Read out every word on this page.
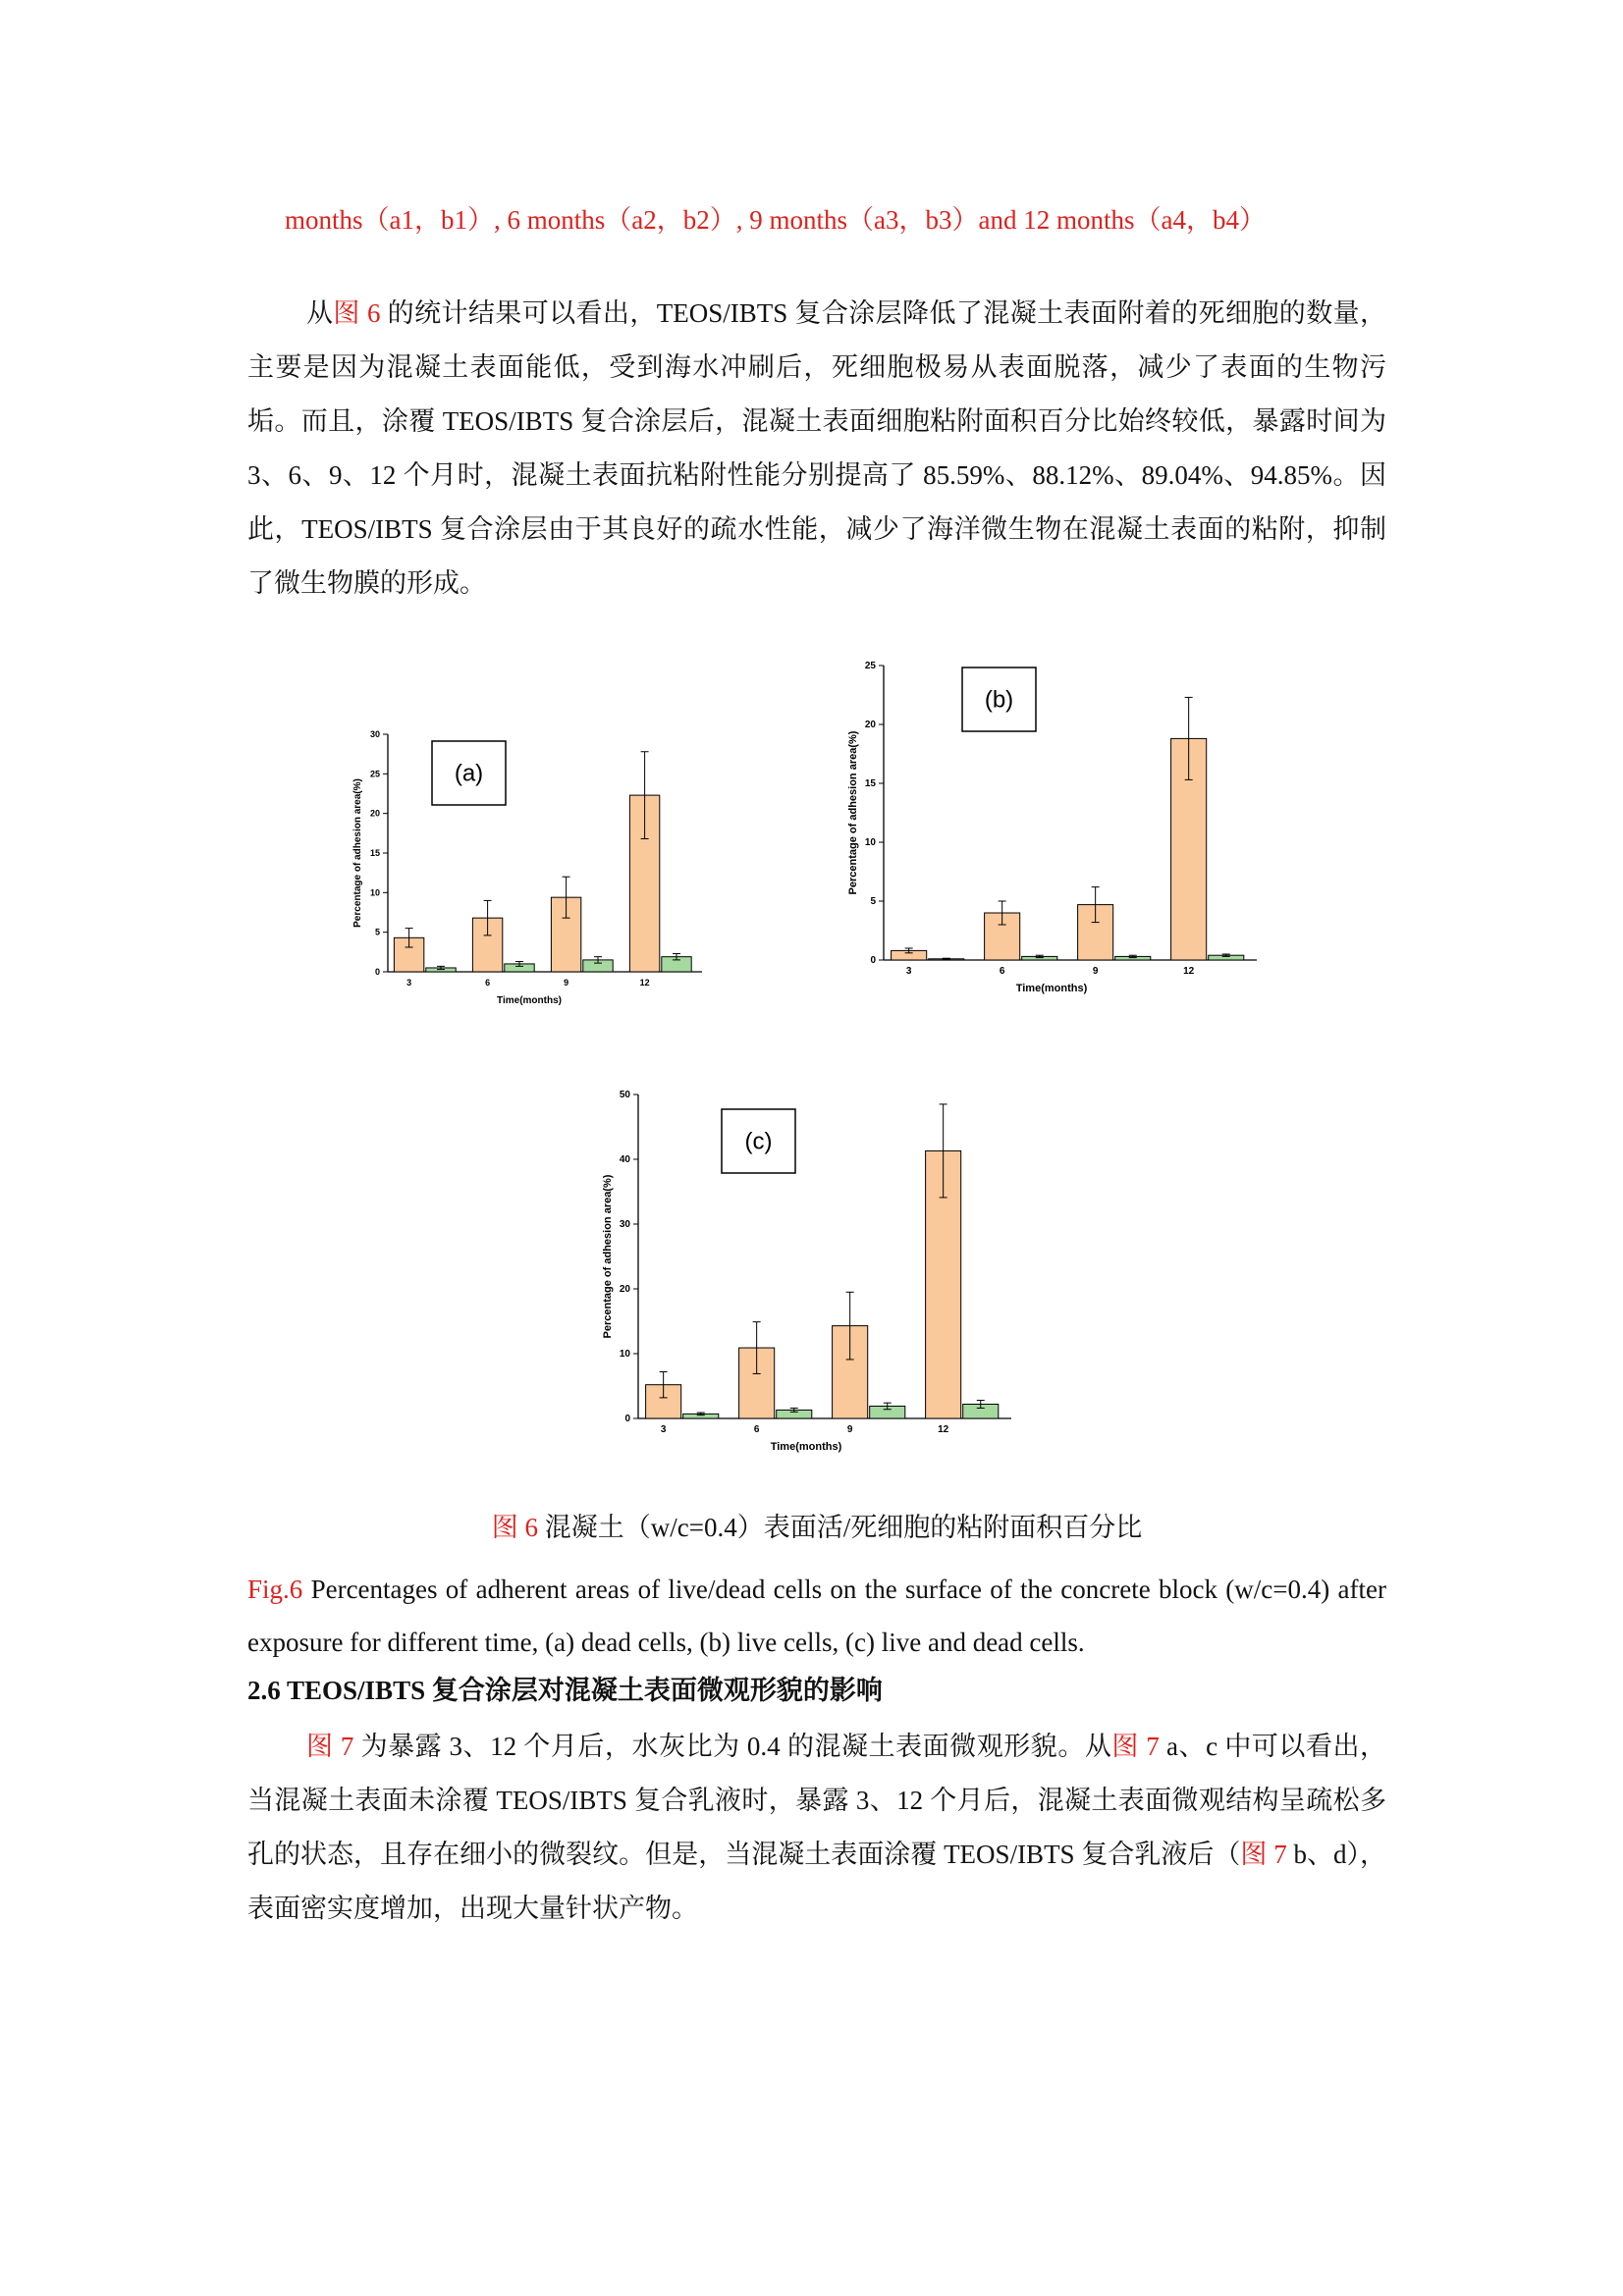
months（a1，b1）, 6 months（a2，b2）, 9 months（a3，b3）and 12 months（a4，b4）

从图 6 的统计结果可以看出，TEOS/IBTS 复合涂层降低了混凝土表面附着的死细胞的数量，主要是因为混凝土表面能低，受到海水冲刷后，死细胞极易从表面脱落，减少了表面的生物污垢。而且，涂覆 TEOS/IBTS 复合涂层后，混凝土表面细胞粘附面积百分比始终较低，暴露时间为 3、6、9、12 个月时，混凝土表面抗粘附性能分别提高了 85.59%、88.12%、89.04%、94.85%。因此，TEOS/IBTS 复合涂层由于其良好的疏水性能，减少了海洋微生物在混凝土表面的粘附，抑制了微生物膜的形成。

0
5
10
15
20
25
30
Percentage of adhesion area(%)
3	6	9	12
Time(months)
(a)
0
5
10
15
20
25
Percentage of adhesion area(%)
3	6	9	12
Time(months)
(b)
0
10
20
30
40
50
Percentage of adhesion area(%)
3	6	9	12
Time(months)
(c)
图 6 混凝土（w/c=0.4）表面活/死细胞的粘附面积百分比
Fig.6 Percentages of adherent areas of live/dead cells on the surface of the concrete block (w/c=0.4) after exposure for different time, (a) dead cells, (b) live cells, (c) live and dead cells.
2.6 TEOS/IBTS 复合涂层对混凝土表面微观形貌的影响

图 7 为暴露 3、12 个月后，水灰比为 0.4 的混凝土表面微观形貌。从图 7 a、c 中可以看出，当混凝土表面未涂覆 TEOS/IBTS 复合乳液时，暴露 3、12 个月后，混凝土表面微观结构呈疏松多孔的状态，且存在细小的微裂纹。但是，当混凝土表面涂覆 TEOS/IBTS 复合乳液后（图 7 b、d），表面密实度增加，出现大量针状产物。
